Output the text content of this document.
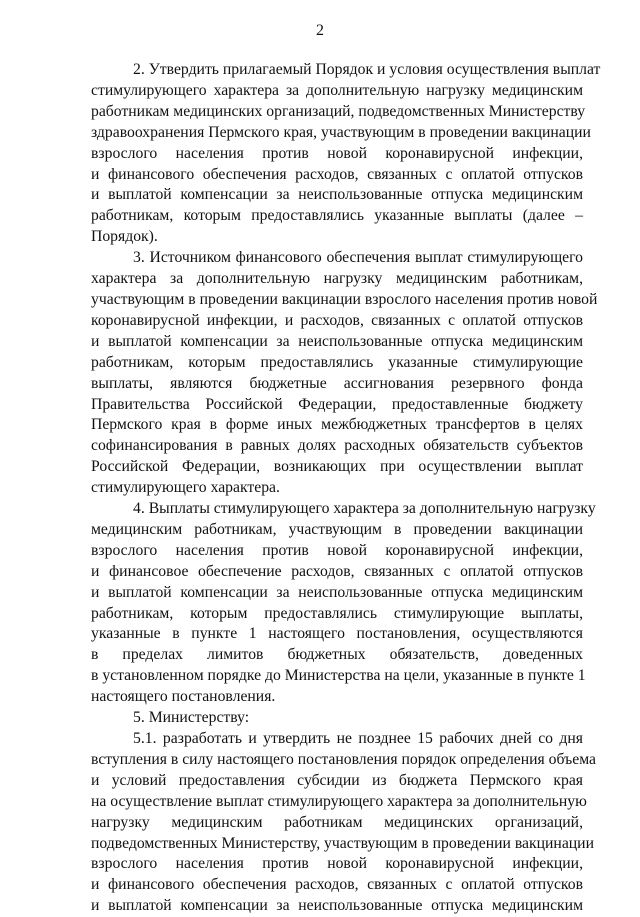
2

2. Утвердить прилагаемый Порядок и условия осуществления выплат

стимулирующего характера за дополнительную нагрузку медицинским

работникам медицинских организаций, подведомственных Министерству

здравоохранения Пермского края, участвующим в проведении вакцинации

взрослого населения против новой коронавирусной инфекции,

и финансового обеспечения расходов, связанных с оплатой отпусков

и выплатой компенсации за неиспользованные отпуска медицинским

работникам, которым предоставлялись указанные выплаты (далее –

Порядок).

3. Источником финансового обеспечения выплат стимулирующего

характера за дополнительную нагрузку медицинским работникам,

участвующим в проведении вакцинации взрослого населения против новой

коронавирусной инфекции, и расходов, связанных с оплатой отпусков

и выплатой компенсации за неиспользованные отпуска медицинским

работникам, которым предоставлялись указанные стимулирующие

выплаты, являются бюджетные ассигнования резервного фонда

Правительства Российской Федерации, предоставленные бюджету

Пермского края в форме иных межбюджетных трансфертов в целях

софинансирования в равных долях расходных обязательств субъектов

Российской Федерации, возникающих при осуществлении выплат

стимулирующего характера.

4. Выплаты стимулирующего характера за дополнительную нагрузку

медицинским работникам, участвующим в проведении вакцинации

взрослого населения против новой коронавирусной инфекции,

и финансовое обеспечение расходов, связанных с оплатой отпусков

и выплатой компенсации за неиспользованные отпуска медицинским

работникам, которым предоставлялись стимулирующие выплаты,

указанные в пункте 1 настоящего постановления, осуществляются

в пределах лимитов бюджетных обязательств, доведенных

в установленном порядке до Министерства на цели, указанные в пункте 1

настоящего постановления.

5. Министерству:

5.1. разработать и утвердить не позднее 15 рабочих дней со дня

вступления в силу настоящего постановления порядок определения объема

и условий предоставления субсидии из бюджета Пермского края

на осуществление выплат стимулирующего характера за дополнительную

нагрузку медицинским работникам медицинских организаций,

подведомственных Министерству, участвующим в проведении вакцинации

взрослого населения против новой коронавирусной инфекции,

и финансового обеспечения расходов, связанных с оплатой отпусков

и выплатой компенсации за неиспользованные отпуска медицинским
